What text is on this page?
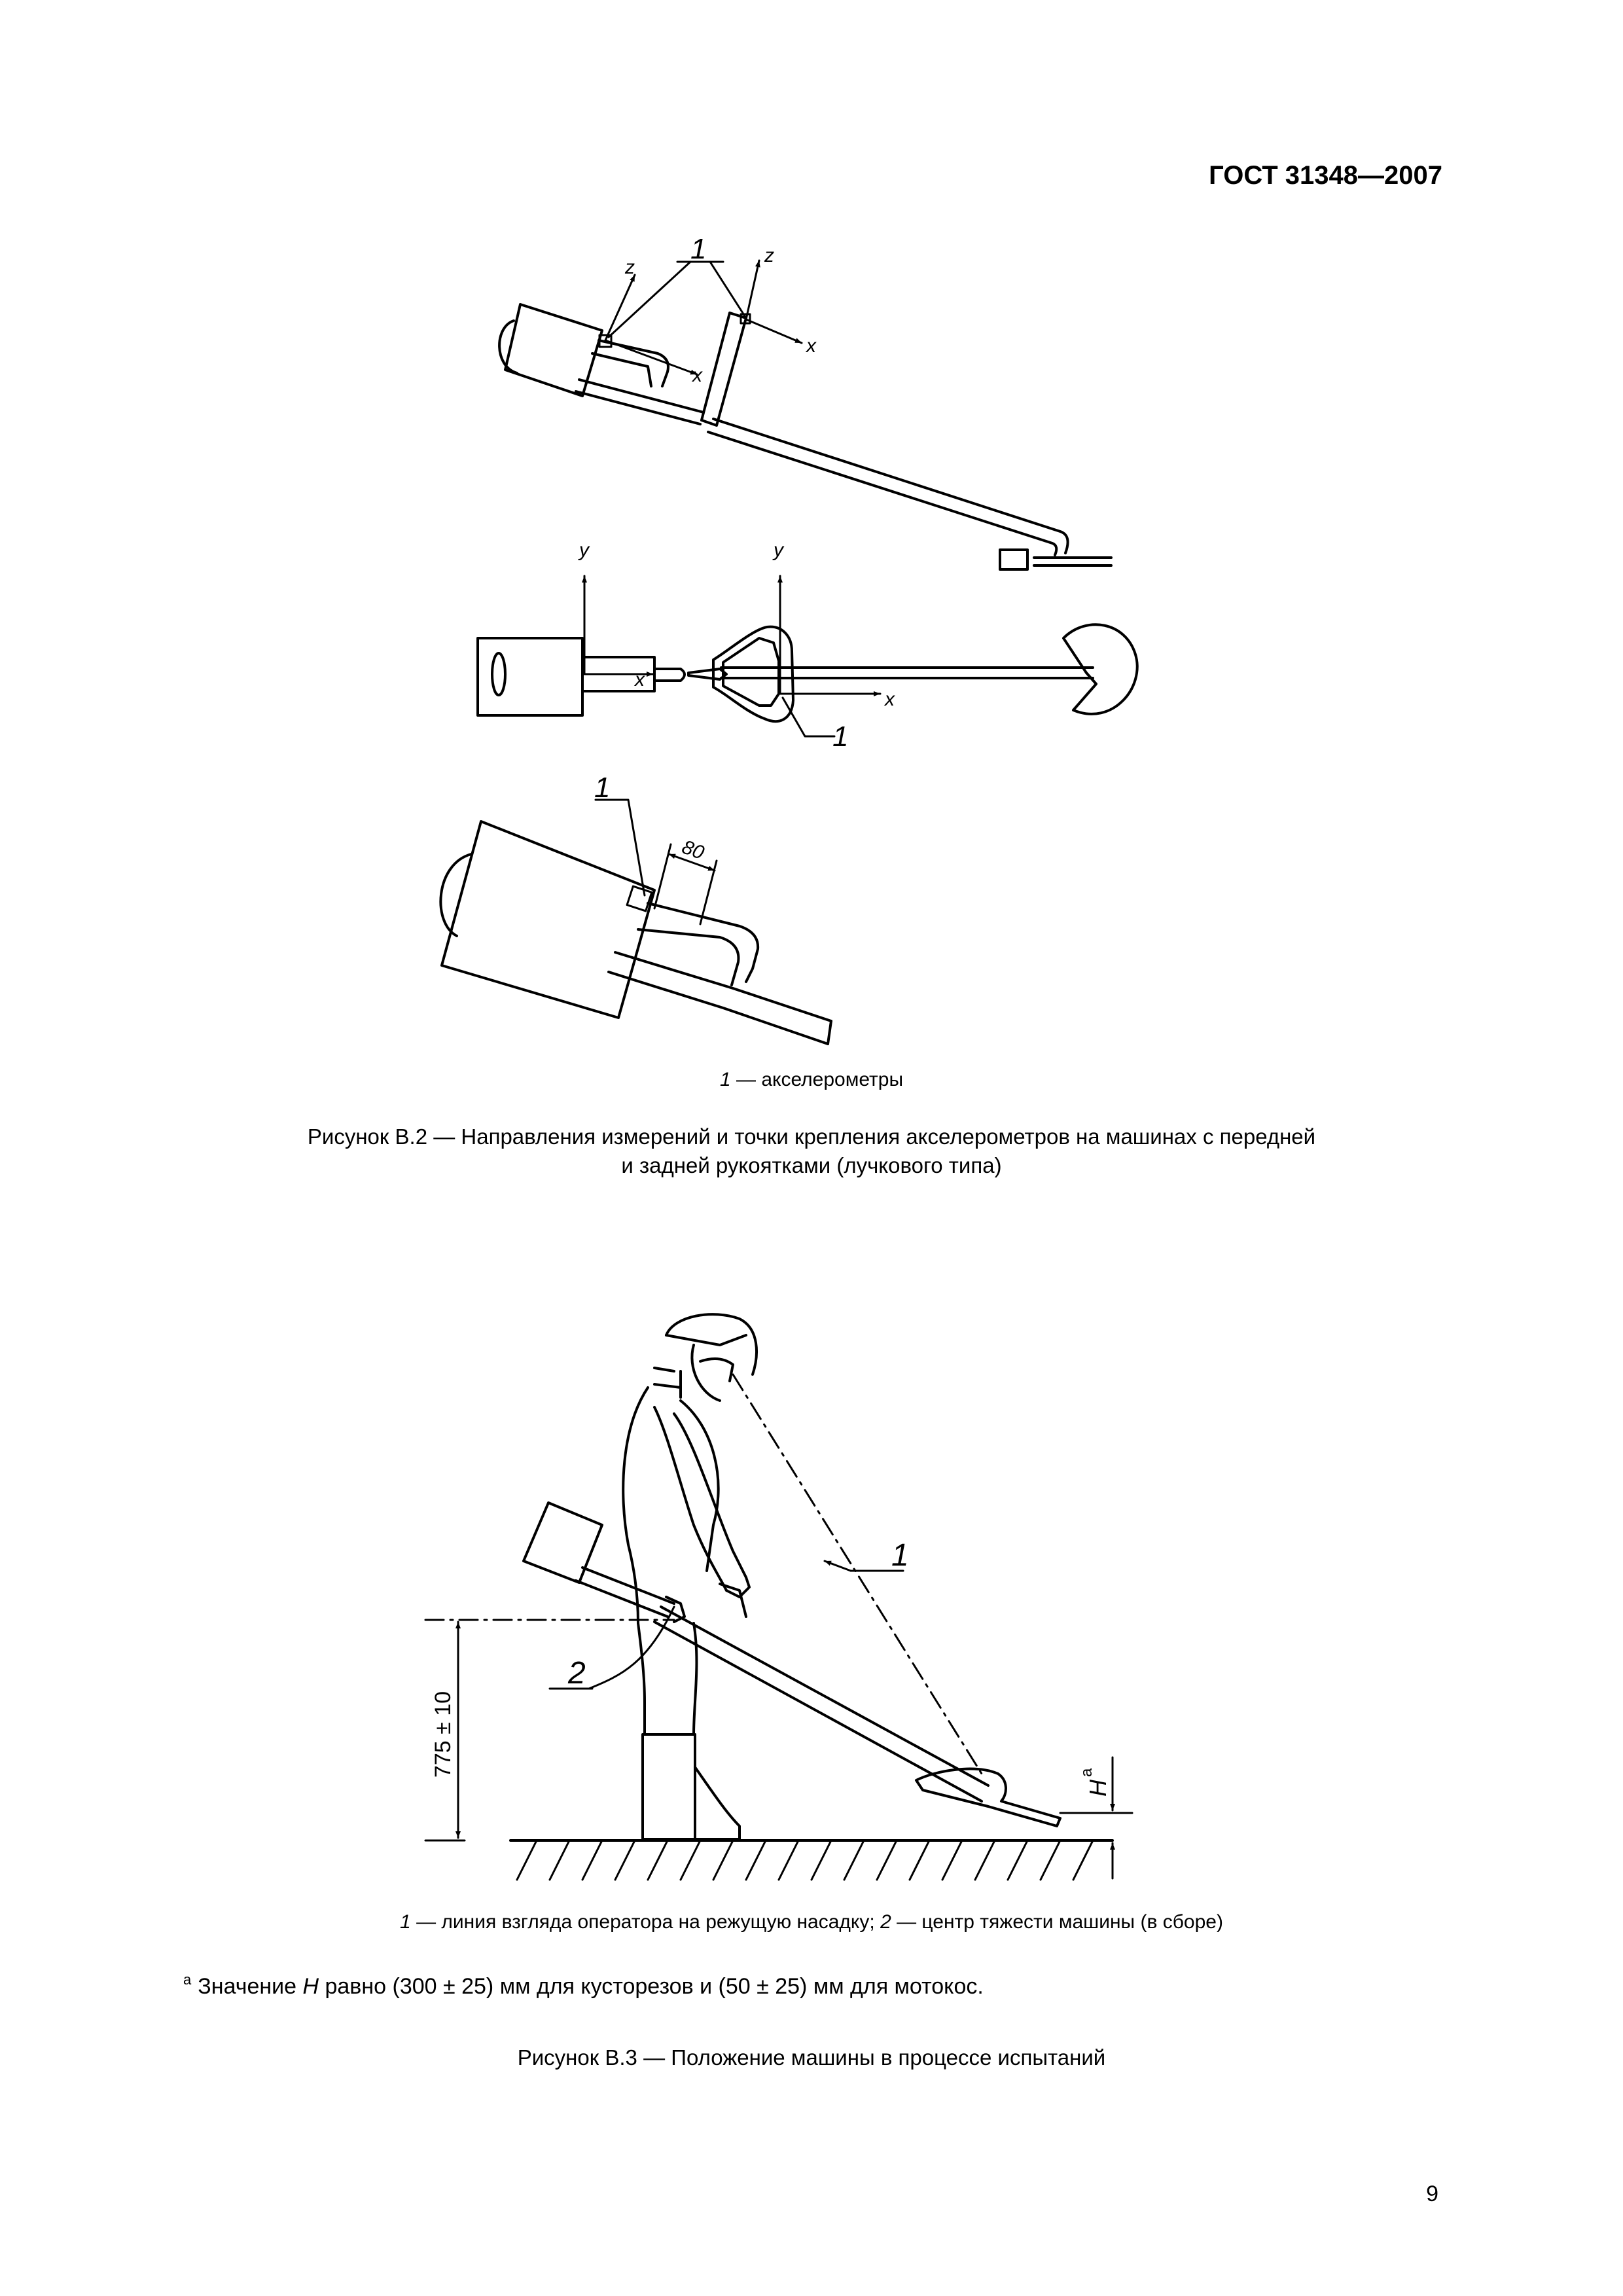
ГОСТ 31348—2007
z
z
x
x
1
y	y
x
x
1
1
80
1 — акселерометры
Рисунок В.2 — Направления измерений и точки крепления акселерометров на машинах с передней
и задней рукоятками (лучкового типа)
1
2
775 ± 10
H
a
1 — линия взгляда оператора на режущую насадку; 2 — центр тяжести машины (в сборе)
$^а$ Значение H равно (300 ± 25) мм для кусторезов и (50 ± 25) мм для мотокос.
Рисунок В.3 — Положение машины в процессе испытаний
9
